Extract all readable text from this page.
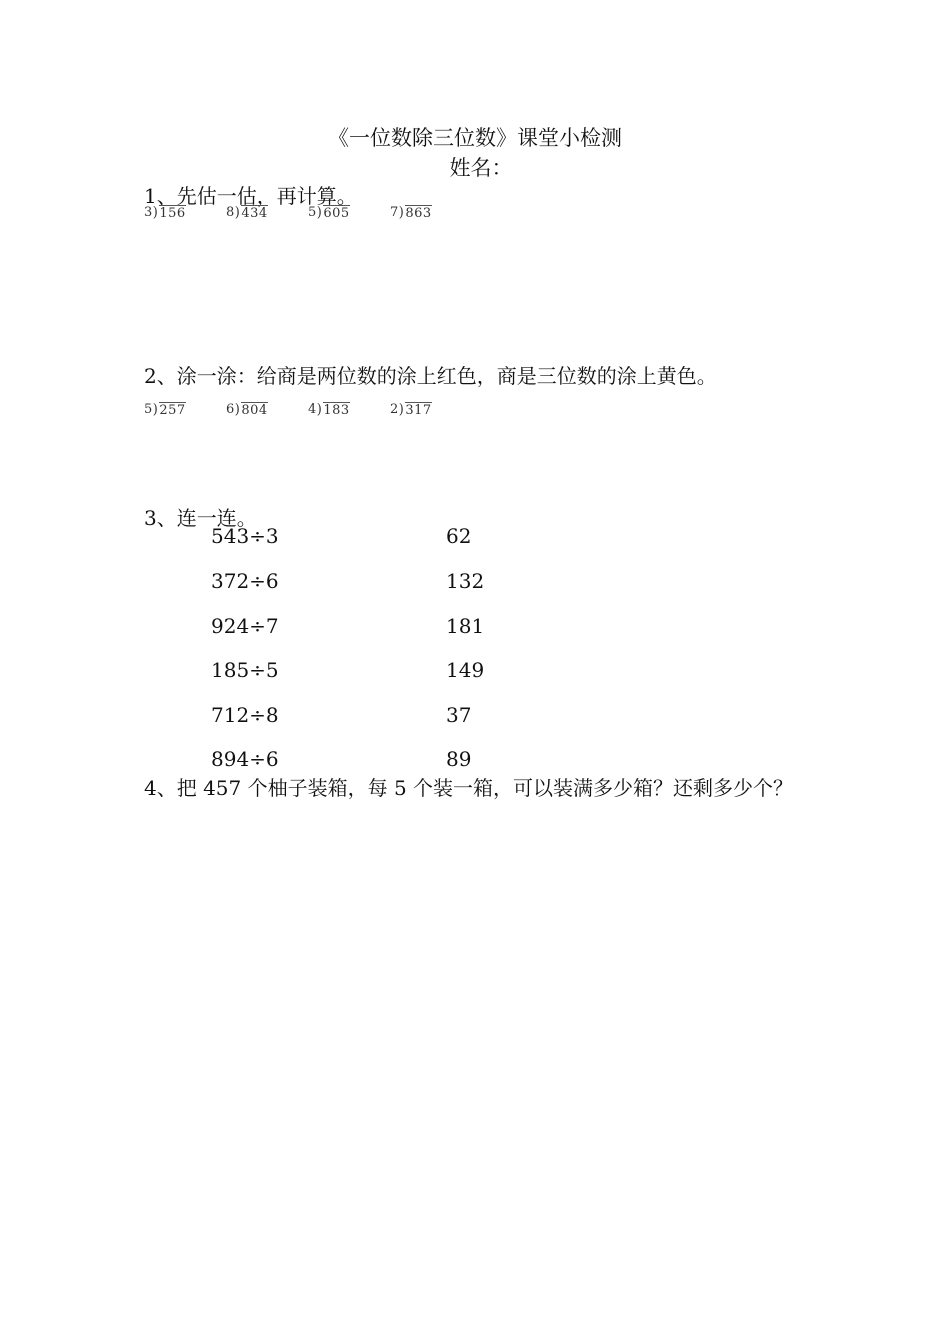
《一位数除三位数》课堂小检测
姓名：
1、先估一估，再计算。
3 ) 156	8 ) 434	5 ) 605	7 ) 863
2、涂一涂：给商是两位数的涂上红色，商是三位数的涂上黄色。
5 ) 257	6 ) 804	4 ) 183	2 ) 317
3、连一连。
543÷3
372÷6
924÷7
185÷5
712÷8
894÷6
62
132
181
149
37
89
4、把 457 个柚子装箱，每 5 个装一箱，可以装满多少箱？还剩多少个？
